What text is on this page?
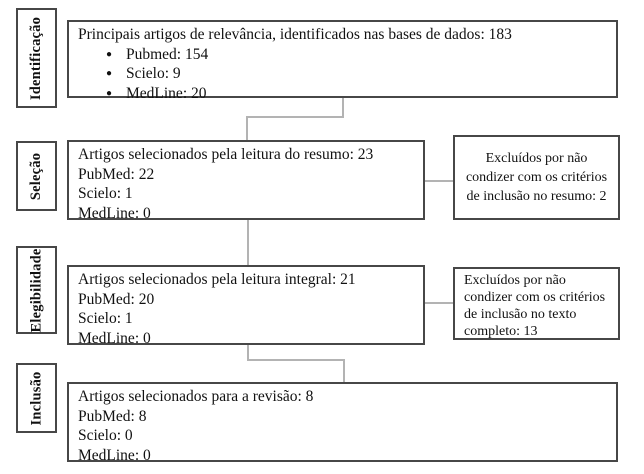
Identificação
Seleção
Elegibilidade
Inclusão
Principais artigos de relevância, identificados nas bases de dados: 183
● Pubmed: 154
● Scielo: 9
● MedLine: 20
Artigos selecionados pela leitura do resumo: 23
PubMed: 22
Scielo: 1
MedLine: 0
Artigos selecionados pela leitura integral: 21
PubMed: 20
Scielo: 1
MedLine: 0
Artigos selecionados para a revisão: 8
PubMed: 8
Scielo: 0
MedLine: 0
Excluídos por não
condizer com os critérios
de inclusão no resumo: 2
Excluídos por não
condizer com os critérios
de inclusão no texto
completo: 13
